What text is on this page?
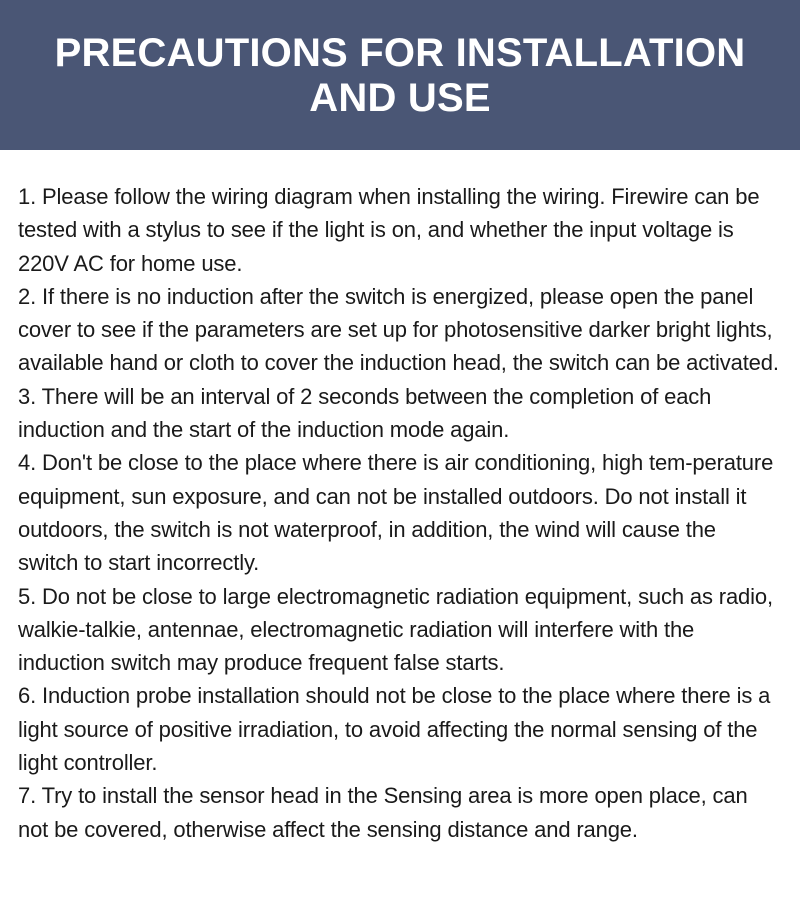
PRECAUTIONS FOR INSTALLATION
AND USE

1. Please follow the wiring diagram when installing the wiring. Firewire can be tested with a stylus to see if the light is on, and whether the input voltage is 220V AC for home use.

2. If there is no induction after the switch is energized, please open the panel cover to see if the parameters are set up for photosensitive darker bright lights, available hand or cloth to cover the induction head, the switch can be activated.

3. There will be an interval of 2 seconds between the completion of each induction and the start of the induction mode again.

4. Don't be close to the place where there is air conditioning, high tem-perature equipment, sun exposure, and can not be installed outdoors. Do not install it outdoors, the switch is not waterproof, in addition, the wind will cause the switch to start incorrectly.

5. Do not be close to large electromagnetic radiation equipment, such as radio, walkie-talkie, antennae, electromagnetic radiation will interfere with the induction switch may produce frequent false starts.

6. Induction probe installation should not be close to the place where there is a light source of positive irradiation, to avoid affecting the normal sensing of the light controller.

7. Try to install the sensor head in the Sensing area is more open place, can not be covered, otherwise affect the sensing distance and range.
